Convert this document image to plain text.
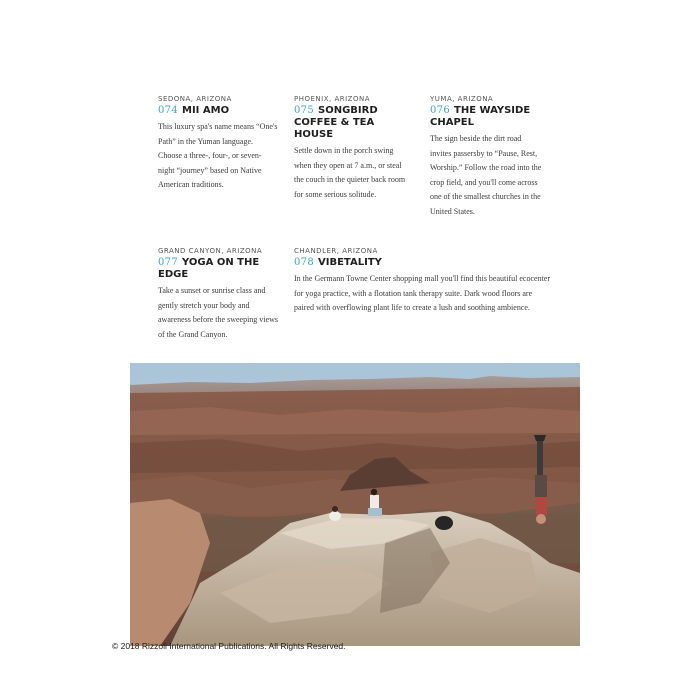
SEDONA, ARIZONA
074 MII AMO
This luxury spa's name means “One's Path” in the Yuman language. Choose a three-, four-, or seven-night “journey” based on Native American traditions.
PHOENIX, ARIZONA
075 SONGBIRD COFFEE & TEA HOUSE
Settle down in the porch swing when they open at 7 a.m., or steal the couch in the quieter back room for some serious solitude.
YUMA, ARIZONA
076 THE WAYSIDE CHAPEL
The sign beside the dirt road invites passersby to “Pause, Rest, Worship.” Follow the road into the crop field, and you'll come across one of the smallest churches in the United States.
GRAND CANYON, ARIZONA
077 YOGA ON THE EDGE
Take a sunset or sunrise class and gently stretch your body and awareness before the sweeping views of the Grand Canyon.
CHANDLER, ARIZONA
078 VIBETALITY
In the Germann Towne Center shopping mall you'll find this beautiful ecocenter for yoga practice, with a flotation tank therapy suite. Dark wood floors are paired with overflowing plant life to create a lush and soothing ambience.
© 2018 Rizzoli International Publications. All Rights Reserved.
